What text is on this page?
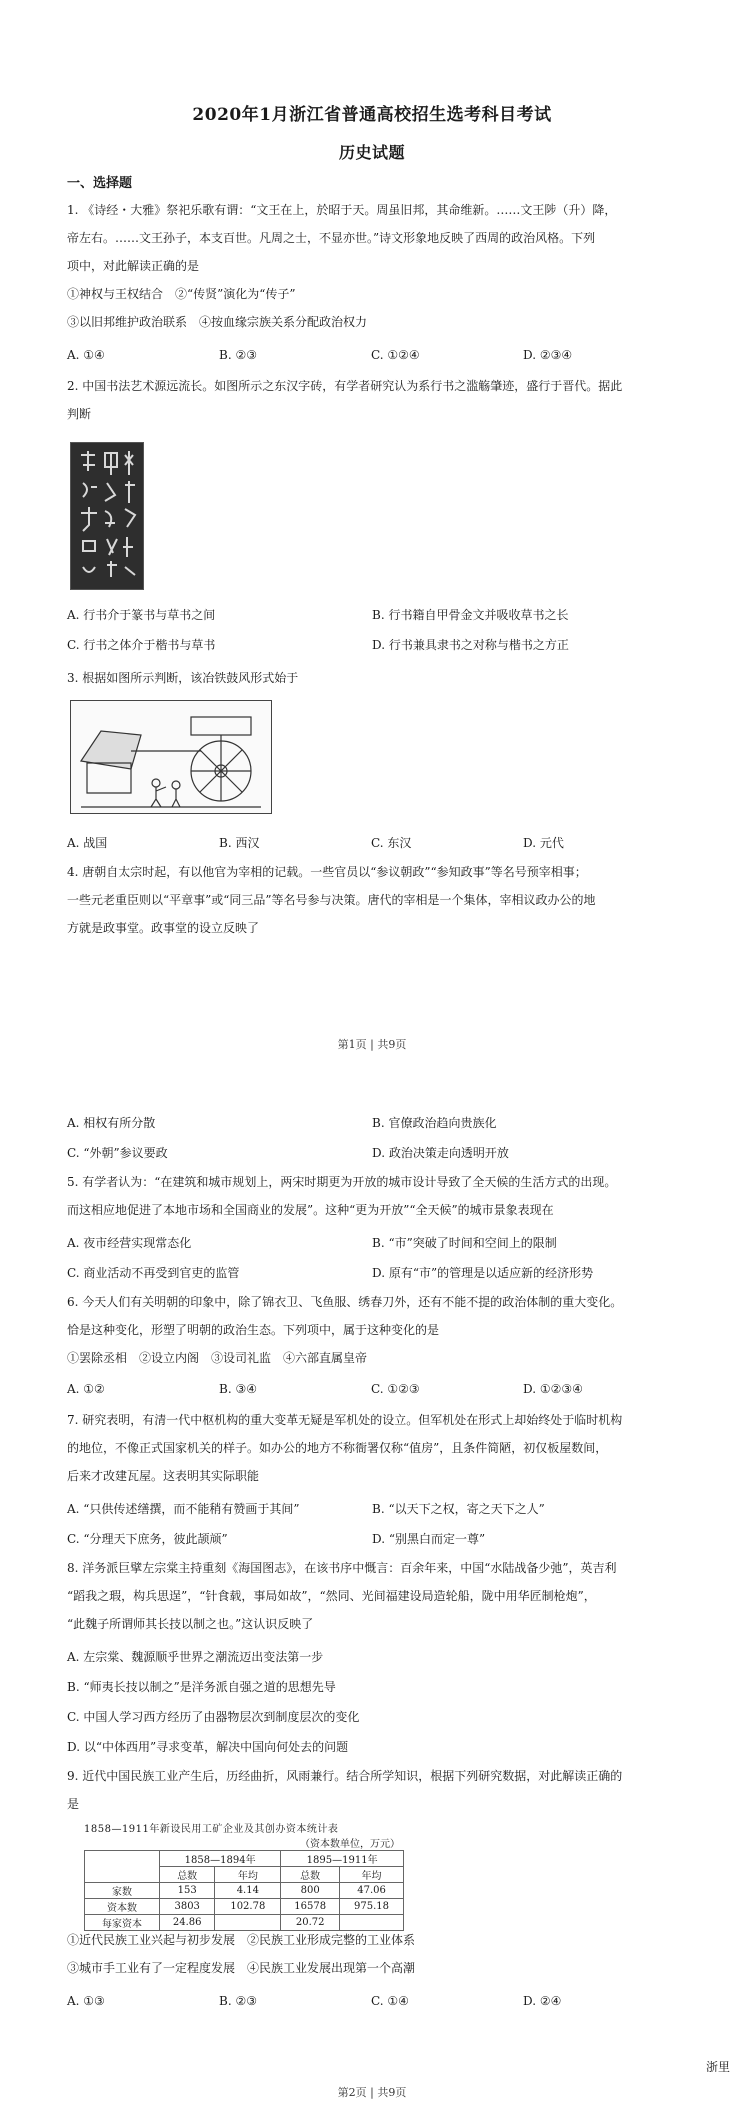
2020年1月浙江省普通高校招生选考科目考试
历史试题
一、选择题
1. 《诗经・大雅》祭祀乐歌有谓：“文王在上，於昭于天。周虽旧邦，其命维新。……文王陟（升）降，
帝左右。……文王孙子，本支百世。凡周之士，不显亦世。”诗文形象地反映了西周的政治风格。下列
项中，对此解读正确的是
①神权与王权结合　②“传贤”演化为“传子”
③以旧邦维护政治联系　④按血缘宗族关系分配政治权力
A. ①④	B. ②③	C. ①②④	D. ②③④
2. 中国书法艺术源远流长。如图所示之东汉字砖，有学者研究认为系行书之滥觞肇迹，盛行于晋代。据此
判断
A. 行书介于篆书与草书之间	B. 行书籍自甲骨金文并吸收草书之长
C. 行书之体介于楷书与草书	D. 行书兼具隶书之对称与楷书之方正
3. 根据如图所示判断，该冶铁鼓风形式始于
A. 战国	B. 西汉	C. 东汉	D. 元代
4. 唐朝自太宗时起，有以他官为宰相的记载。一些官员以“参议朝政”“参知政事”等名号预宰相事；
一些元老重臣则以“平章事”或“同三品”等名号参与决策。唐代的宰相是一个集体，宰相议政办公的地
方就是政事堂。政事堂的设立反映了
第1页 | 共9页
A. 相权有所分散	B. 官僚政治趋向贵族化
C. “外朝”参议要政	D. 政治决策走向透明开放
5. 有学者认为：“在建筑和城市规划上，两宋时期更为开放的城市设计导致了全天候的生活方式的出现。
而这相应地促进了本地市场和全国商业的发展”。这种“更为开放”“全天候”的城市景象表现在
A. 夜市经营实现常态化	B. “市”突破了时间和空间上的限制
C. 商业活动不再受到官吏的监管	D. 原有“市”的管理是以适应新的经济形势
6. 今天人们有关明朝的印象中，除了锦衣卫、飞鱼服、绣春刀外，还有不能不提的政治体制的重大变化。
恰是这种变化，形塑了明朝的政治生态。下列项中，属于这种变化的是
①罢除丞相　②设立内阁　③设司礼监　④六部直属皇帝
A. ①②	B. ③④	C. ①②③	D. ①②③④
7. 研究表明，有清一代中枢机构的重大变革无疑是军机处的设立。但军机处在形式上却始终处于临时机构
的地位，不像正式国家机关的样子。如办公的地方不称衙署仅称“值房”，且条件简陋，初仅板屋数间，
后来才改建瓦屋。这表明其实际职能
A. “只供传述缮撰，而不能稍有赞画于其间”	B. “以天下之权，寄之天下之人”
C. “分理天下庶务，彼此颉颃”	D. “别黑白而定一尊”
8. 洋务派巨擘左宗棠主持重刻《海国图志》，在该书序中慨言：百余年来，中国“水陆战备少弛”，英吉利
“蹈我之瑕，构兵思逞”，“针食载，事局如故”，“然同、光间福建设局造轮船，陇中用华匠制枪炮”，
“此魏子所谓师其长技以制之也。”这认识反映了
A. 左宗棠、魏源顺乎世界之潮流迈出变法第一步
B. “师夷长技以制之”是洋务派自强之道的思想先导
C. 中国人学习西方经历了由器物层次到制度层次的变化
D. 以“中体西用”寻求变革，解决中国向何处去的问题
9. 近代中国民族工业产生后，历经曲折，风雨兼行。结合所学知识，根据下列研究数据，对此解读正确的
是
1858—1911年新设民用工矿企业及其创办资本统计表
（资本数单位，万元）
	1858—1894年		1895—1911年	
	总数	年均	总数	年均
家数	153	4.14	800	47.06
资本数	3803	102.78	16578	975.18
每家资本	24.86		20.72	
①近代民族工业兴起与初步发展　②民族工业形成完整的工业体系
③城市手工业有了一定程度发展　④民族工业发展出现第一个高潮
A. ①③	B. ②③	C. ①④	D. ②④
浙里
第2页 | 共9页
